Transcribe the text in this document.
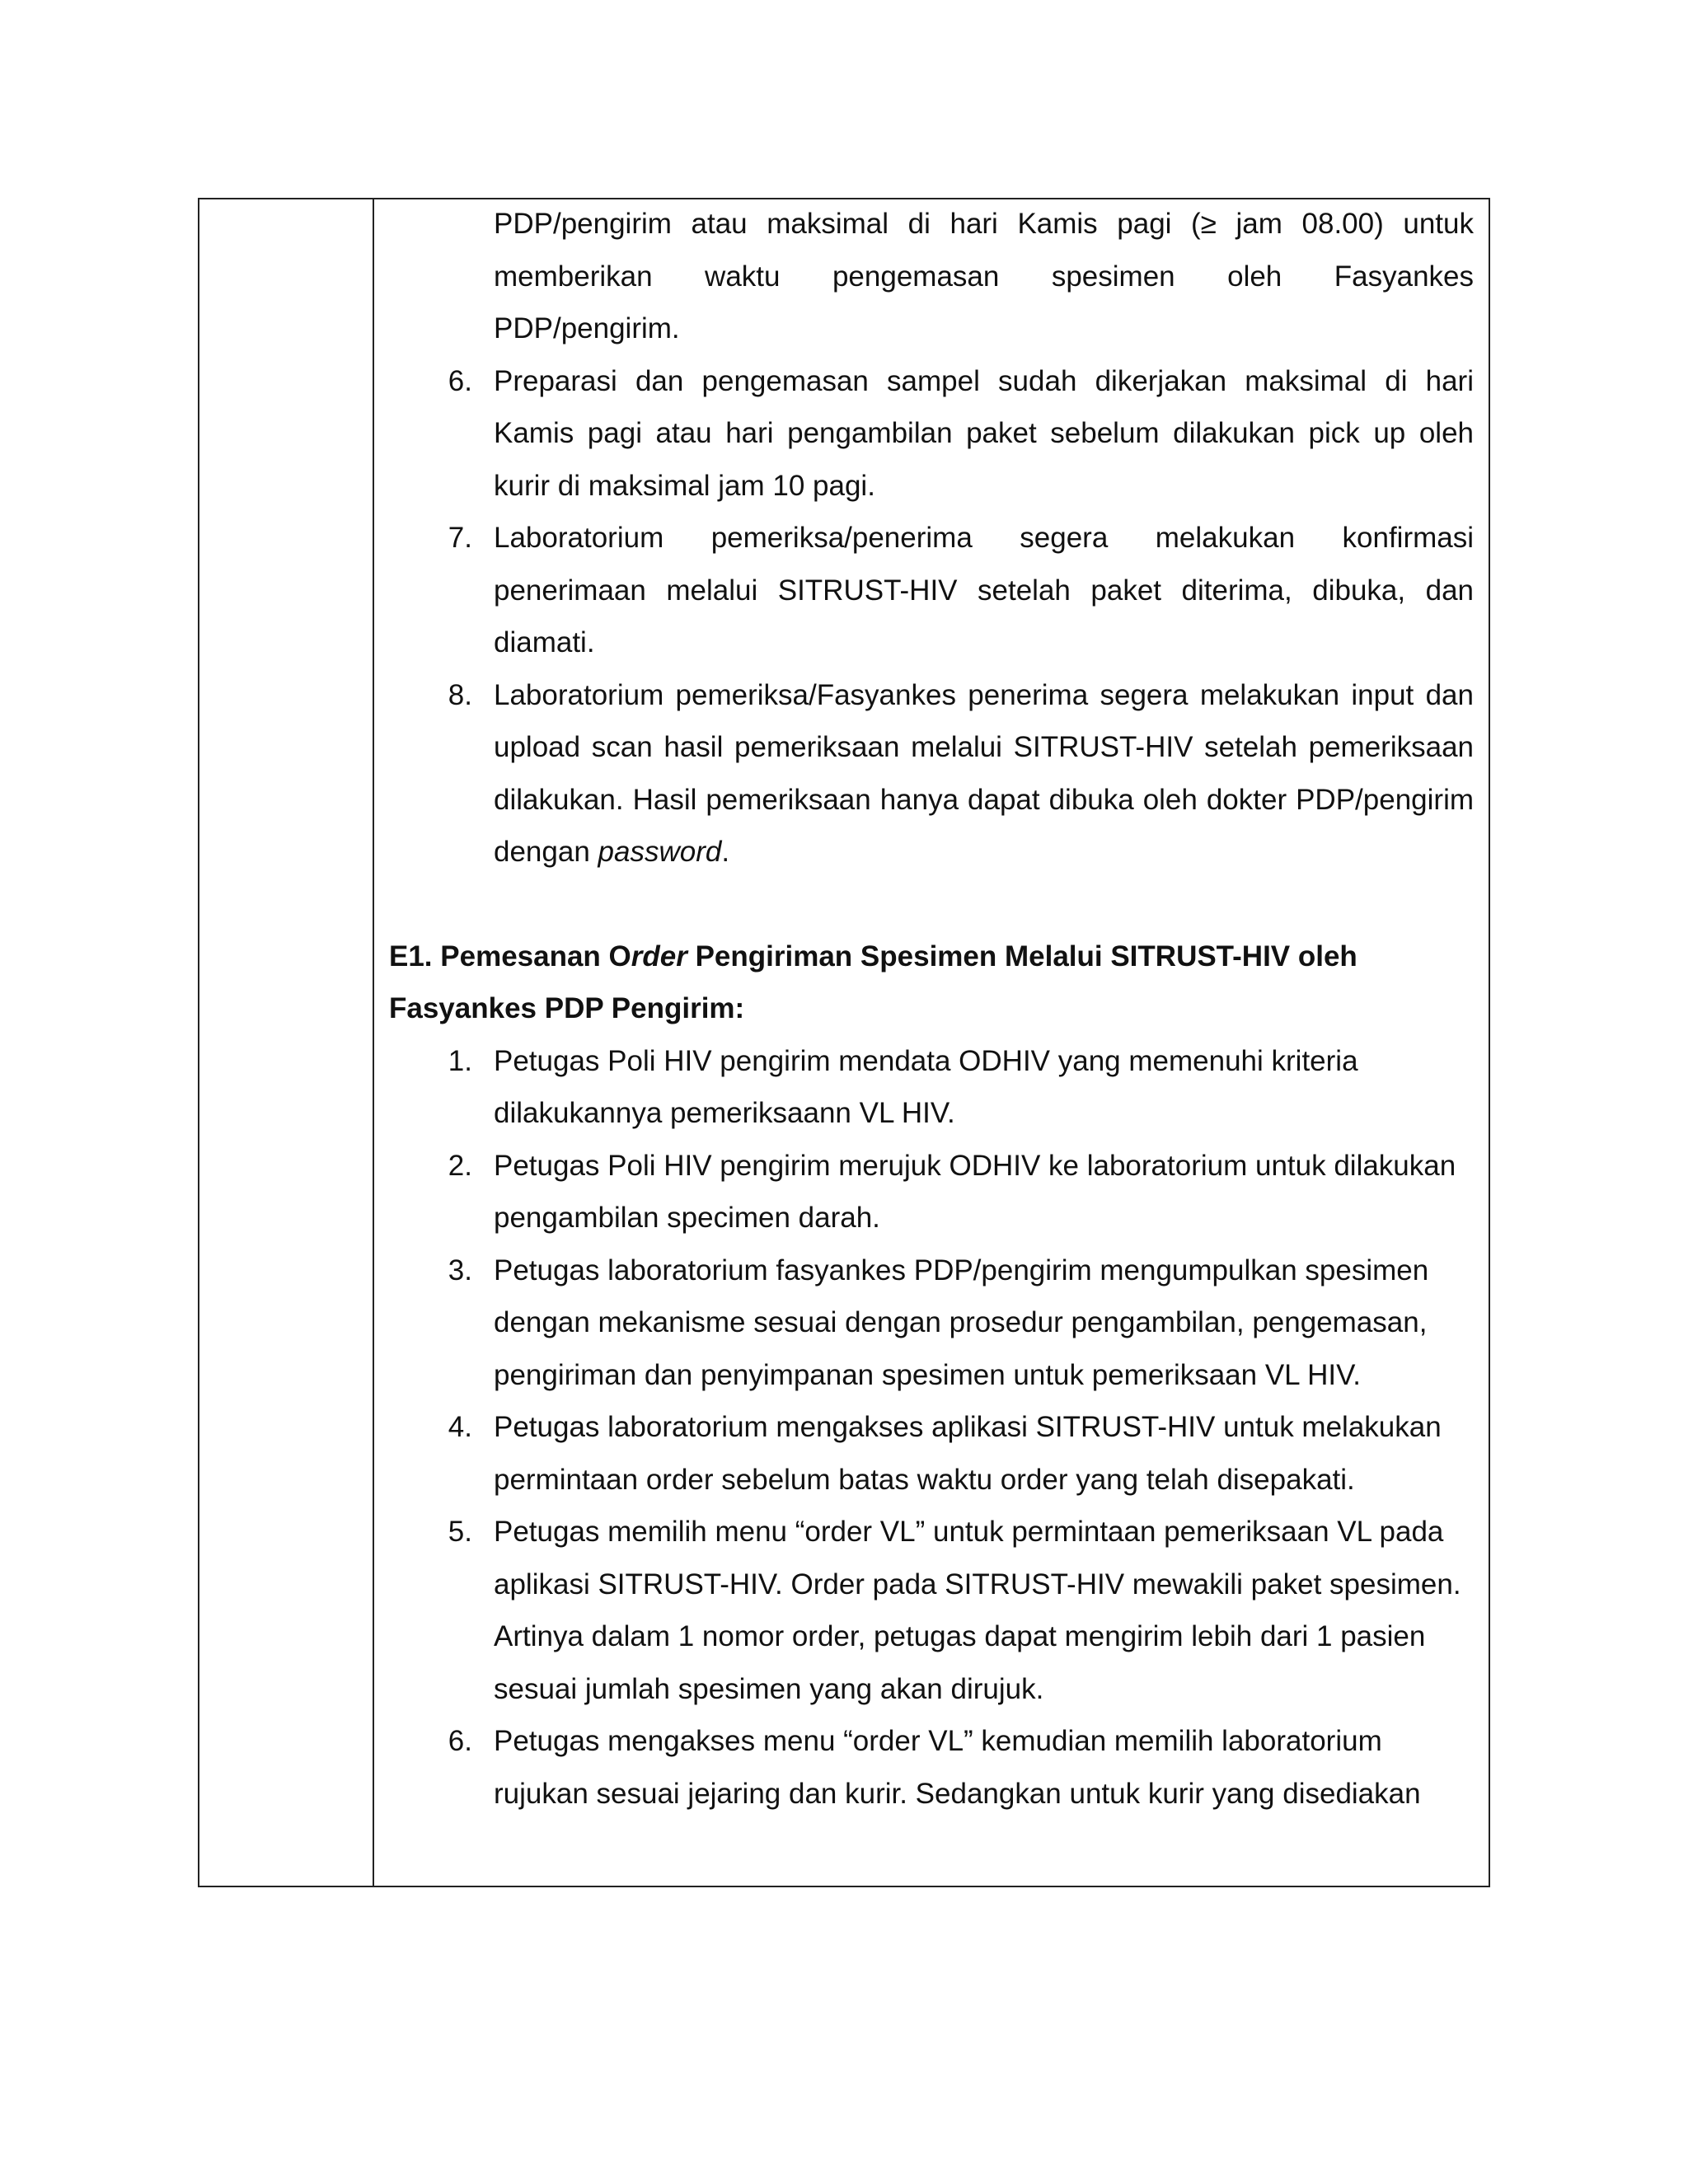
PDP/pengirim atau maksimal di hari Kamis pagi (≥ jam 08.00) untuk
memberikan waktu pengemasan spesimen oleh Fasyankes
PDP/pengirim.
6. Preparasi dan pengemasan sampel sudah dikerjakan maksimal di hari Kamis pagi atau hari pengambilan paket sebelum dilakukan pick up oleh kurir di maksimal jam 10 pagi.
7. Laboratorium pemeriksa/penerima segera melakukan konfirmasi penerimaan melalui SITRUST-HIV setelah paket diterima, dibuka, dan diamati.
8. Laboratorium pemeriksa/Fasyankes penerima segera melakukan input dan upload scan hasil pemeriksaan melalui SITRUST-HIV setelah pemeriksaan dilakukan. Hasil pemeriksaan hanya dapat dibuka oleh dokter PDP/pengirim dengan password.
E1. Pemesanan Order Pengiriman Spesimen Melalui SITRUST-HIV oleh
Fasyankes PDP Pengirim:
1. Petugas Poli HIV pengirim mendata ODHIV yang memenuhi kriteria dilakukannya pemeriksaann VL HIV.
2. Petugas Poli HIV pengirim merujuk ODHIV ke laboratorium untuk dilakukan pengambilan specimen darah.
3. Petugas laboratorium fasyankes PDP/pengirim mengumpulkan spesimen dengan mekanisme sesuai dengan prosedur pengambilan, pengemasan, pengiriman dan penyimpanan spesimen untuk pemeriksaan VL HIV.
4. Petugas laboratorium mengakses aplikasi SITRUST-HIV untuk melakukan permintaan order sebelum batas waktu order yang telah disepakati.
5. Petugas memilih menu “order VL” untuk permintaan pemeriksaan VL pada aplikasi SITRUST-HIV. Order pada SITRUST-HIV mewakili paket spesimen. Artinya dalam 1 nomor order, petugas dapat mengirim lebih dari 1 pasien sesuai jumlah spesimen yang akan dirujuk.
6. Petugas mengakses menu “order VL” kemudian memilih laboratorium rujukan sesuai jejaring dan kurir. Sedangkan untuk kurir yang disediakan
